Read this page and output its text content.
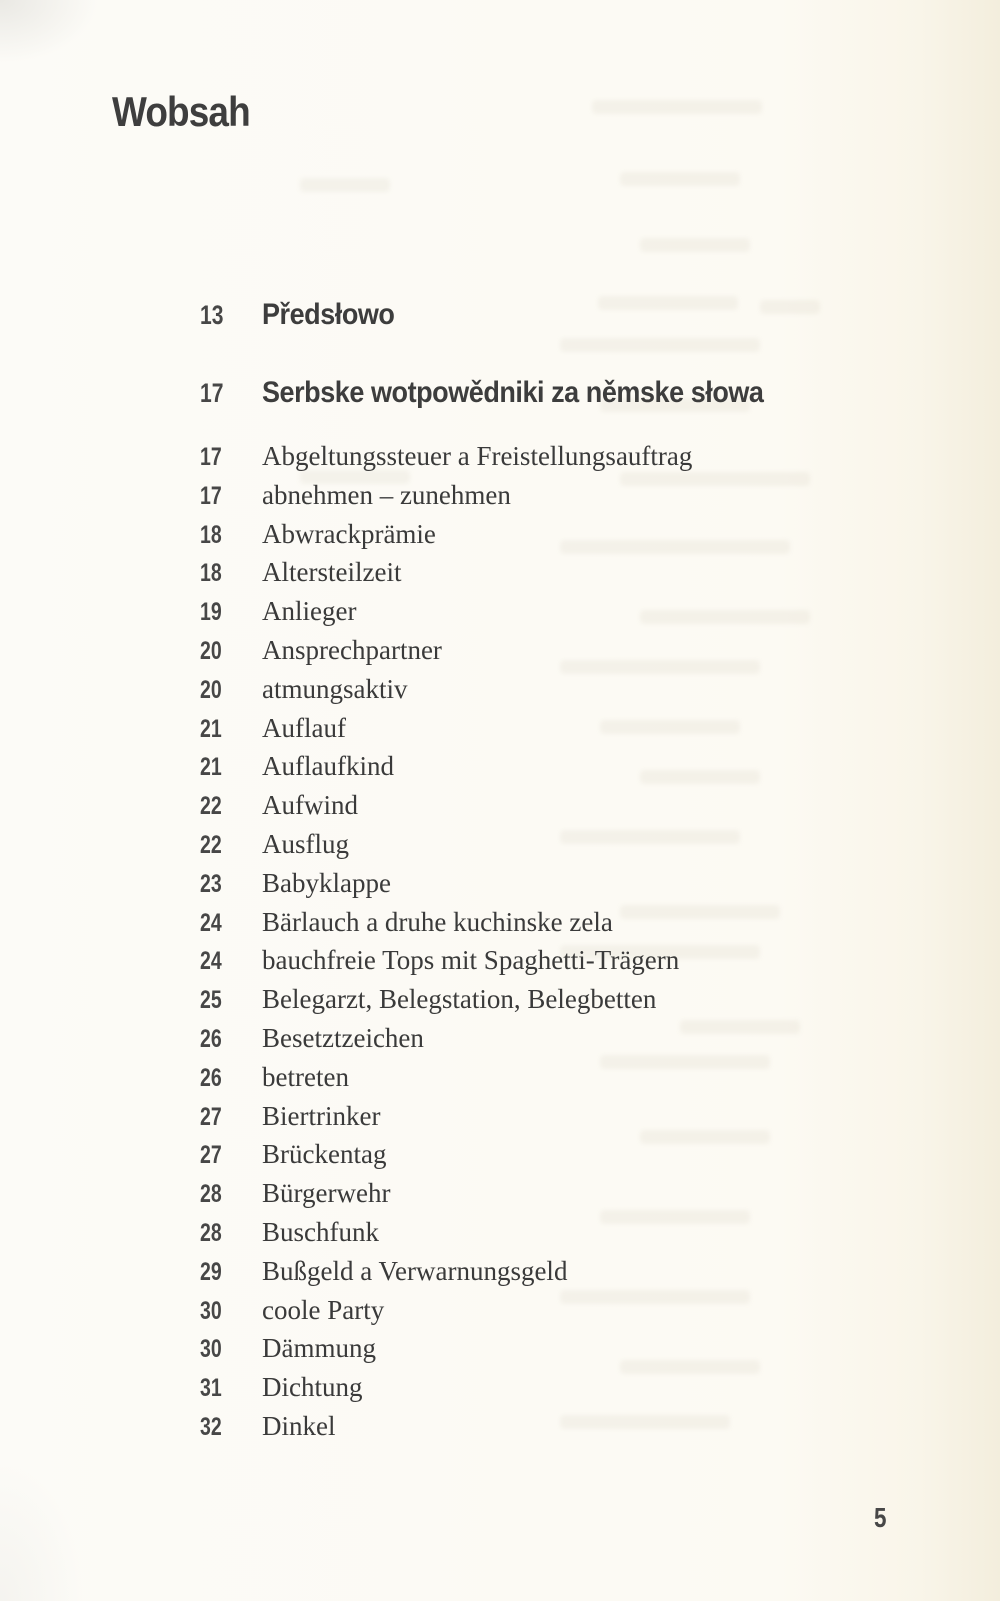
Wobsah
13	Předsłowo
17	Serbske wotpowědniki za němske słowa
17	Abgeltungssteuer a Freistellungsauftrag
17	abnehmen – zunehmen
18	Abwrackprämie
18	Altersteilzeit
19	Anlieger
20	Ansprechpartner
20	atmungsaktiv
21	Auflauf
21	Auflaufkind
22	Aufwind
22	Ausflug
23	Babyklappe
24	Bärlauch a druhe kuchinske zela
24	bauchfreie Tops mit Spaghetti-Trägern
25	Belegarzt, Belegstation, Belegbetten
26	Besetztzeichen
26	betreten
27	Biertrinker
27	Brückentag
28	Bürgerwehr
28	Buschfunk
29	Bußgeld a Verwarnungsgeld
30	coole Party
30	Dämmung
31	Dichtung
32	Dinkel
5
